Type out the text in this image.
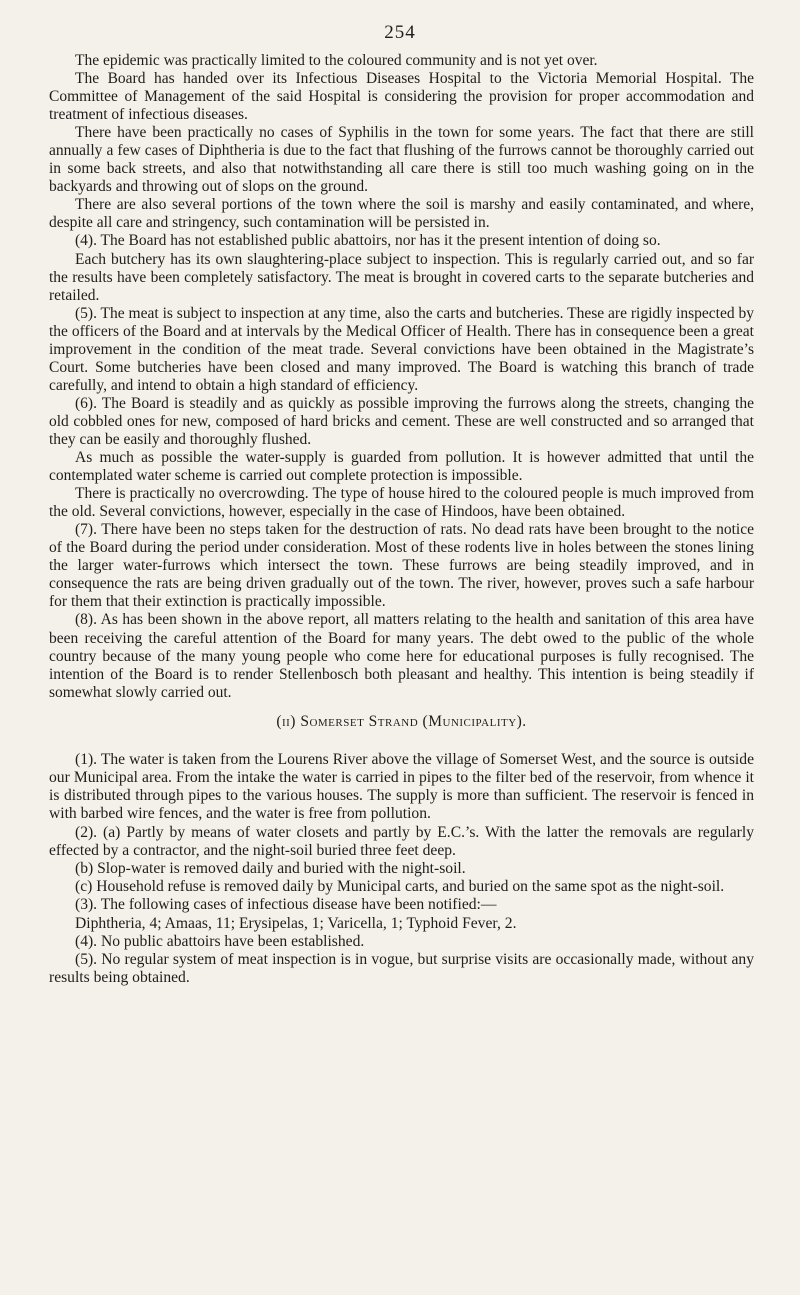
254

The epidemic was practically limited to the coloured community and is not yet over.

The Board has handed over its Infectious Diseases Hospital to the Victoria Memorial Hospital. The Committee of Management of the said Hospital is considering the provision for proper accommodation and treatment of infectious diseases.

There have been practically no cases of Syphilis in the town for some years. The fact that there are still annually a few cases of Diphtheria is due to the fact that flushing of the furrows cannot be thoroughly carried out in some back streets, and also that notwithstanding all care there is still too much washing going on in the backyards and throwing out of slops on the ground.

There are also several portions of the town where the soil is marshy and easily contaminated, and where, despite all care and stringency, such contamination will be persisted in.

(4). The Board has not established public abattoirs, nor has it the present intention of doing so.

Each butchery has its own slaughtering-place subject to inspection. This is regularly carried out, and so far the results have been completely satisfactory. The meat is brought in covered carts to the separate butcheries and retailed.

(5). The meat is subject to inspection at any time, also the carts and butcheries. These are rigidly inspected by the officers of the Board and at intervals by the Medical Officer of Health. There has in consequence been a great improvement in the condition of the meat trade. Several convictions have been obtained in the Magistrate’s Court. Some butcheries have been closed and many improved. The Board is watching this branch of trade carefully, and intend to obtain a high standard of efficiency.

(6). The Board is steadily and as quickly as possible improving the furrows along the streets, changing the old cobbled ones for new, composed of hard bricks and cement. These are well constructed and so arranged that they can be easily and thoroughly flushed.

As much as possible the water-supply is guarded from pollution. It is however admitted that until the contemplated water scheme is carried out complete protection is impossible.

There is practically no overcrowding. The type of house hired to the coloured people is much improved from the old. Several convictions, however, especially in the case of Hindoos, have been obtained.

(7). There have been no steps taken for the destruction of rats. No dead rats have been brought to the notice of the Board during the period under consideration. Most of these rodents live in holes between the stones lining the larger water-furrows which intersect the town. These furrows are being steadily improved, and in consequence the rats are being driven gradually out of the town. The river, however, proves such a safe harbour for them that their extinction is practically impossible.

(8). As has been shown in the above report, all matters relating to the health and sanitation of this area have been receiving the careful attention of the Board for many years. The debt owed to the public of the whole country because of the many young people who come here for educational purposes is fully recognised. The intention of the Board is to render Stellenbosch both pleasant and healthy. This intention is being steadily if somewhat slowly carried out.

(ii) Somerset Strand (Municipality).

(1). The water is taken from the Lourens River above the village of Somerset West, and the source is outside our Municipal area. From the intake the water is carried in pipes to the filter bed of the reservoir, from whence it is distributed through pipes to the various houses. The supply is more than sufficient. The reservoir is fenced in with barbed wire fences, and the water is free from pollution.

(2). (a) Partly by means of water closets and partly by E.C.’s. With the latter the removals are regularly effected by a contractor, and the night-soil buried three feet deep.

(b) Slop-water is removed daily and buried with the night-soil.

(c) Household refuse is removed daily by Municipal carts, and buried on the same spot as the night-soil.

(3). The following cases of infectious disease have been notified:—

Diphtheria, 4; Amaas, 11; Erysipelas, 1; Varicella, 1; Typhoid Fever, 2.

(4). No public abattoirs have been established.

(5). No regular system of meat inspection is in vogue, but surprise visits are occasionally made, without any results being obtained.
